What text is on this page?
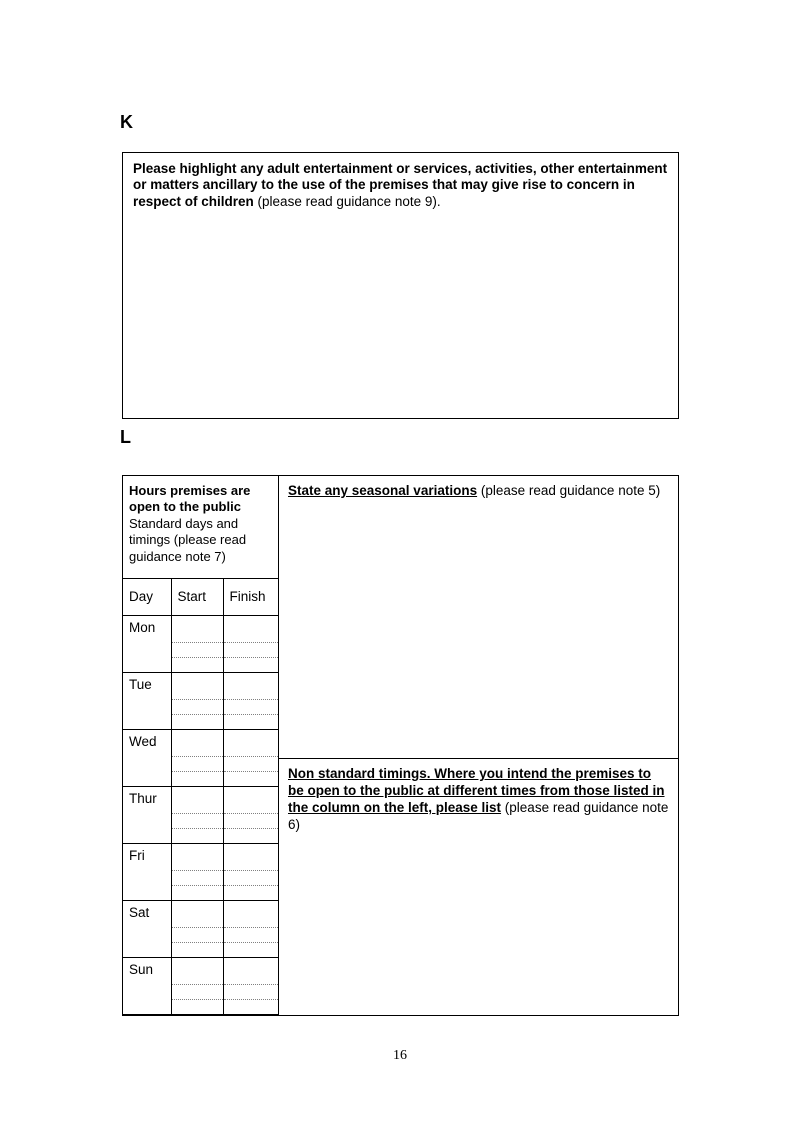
K

Please highlight any adult entertainment or services, activities, other entertainment or matters ancillary to the use of the premises that may give rise to concern in respect of children (please read guidance note 9).

L
Hours premises are open to the public
Standard days and timings (please read guidance note 7)
Day	Start	Finish
Mon		

Tue		

Wed		

Thur		

Fri		

Sat		

Sun		

State any seasonal variations (please read guidance note 5)

Non standard timings. Where you intend the premises to be open to the public at different times from those listed in the column on the left, please list (please read guidance note 6)

16
